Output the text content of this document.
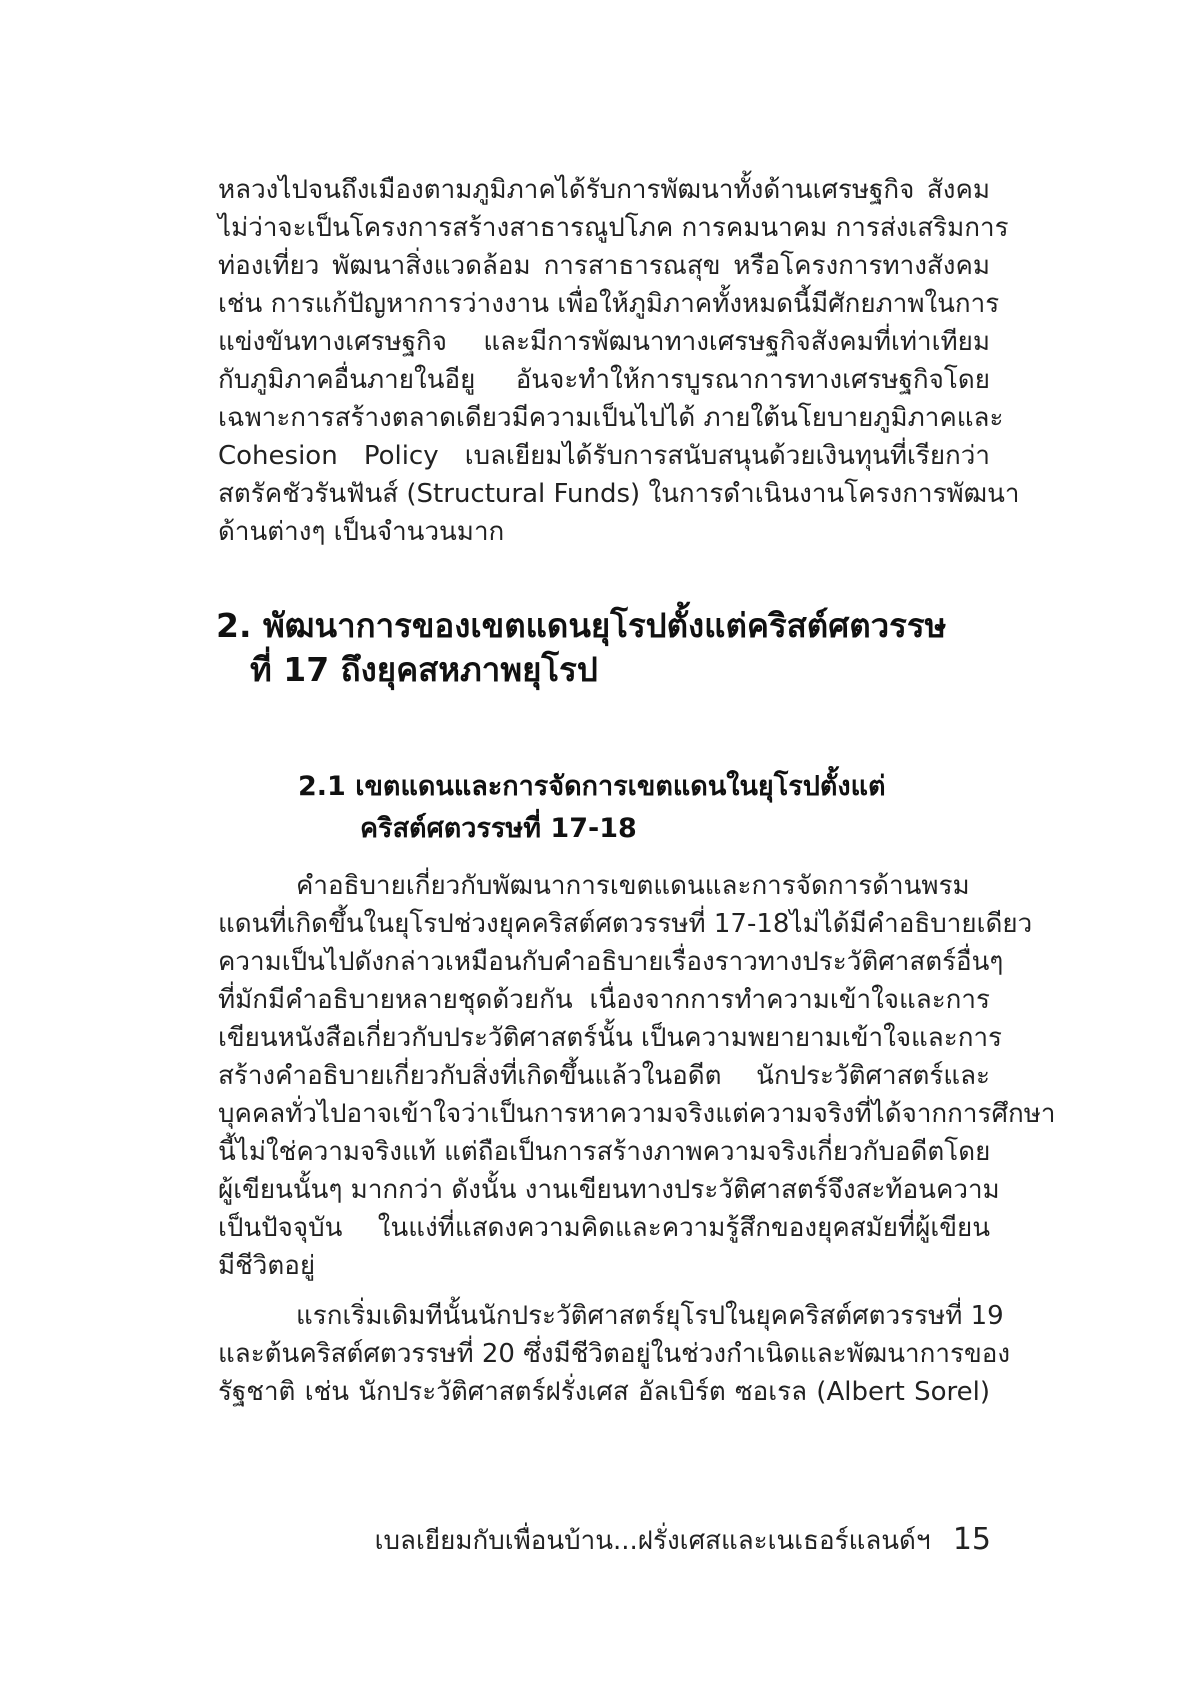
หลวงไปจนถึงเมืองตามภูมิภาคได้รับการพัฒนาทั้งด้านเศรษฐกิจ สังคม
ไม่ว่าจะเป็นโครงการสร้างสาธารณูปโภค การคมนาคม การส่งเสริมการ
ท่องเที่ยว พัฒนาสิ่งแวดล้อม การสาธารณสุข หรือโครงการทางสังคม
เช่น การแก้ปัญหาการว่างงาน เพื่อให้ภูมิภาคทั้งหมดนี้มีศักยภาพในการ
แข่งขันทางเศรษฐกิจ และมีการพัฒนาทางเศรษฐกิจสังคมที่เท่าเทียม
กับภูมิภาคอื่นภายในอียู อันจะทำให้การบูรณาการทางเศรษฐกิจโดย
เฉพาะการสร้างตลาดเดียวมีความเป็นไปได้ ภายใต้นโยบายภูมิภาคและ
Cohesion Policy เบลเยียมได้รับการสนับสนุนด้วยเงินทุนที่เรียกว่า
สตรัคชัวรันฟันส์ (Structural Funds) ในการดำเนินงานโครงการพัฒนา
ด้านต่างๆ เป็นจำนวนมาก
2. พัฒนาการของเขตแดนยุโรปตั้งแต่คริสต์ศตวรรษ
ที่ 17 ถึงยุคสหภาพยุโรป
2.1 เขตแดนและการจัดการเขตแดนในยุโรปตั้งแต่
คริสต์ศตวรรษที่ 17-18
คำอธิบายเกี่ยวกับพัฒนาการเขตแดนและการจัดการด้านพรม
แดนที่เกิดขึ้นในยุโรปช่วงยุคคริสต์ศตวรรษที่ 17-18ไม่ได้มีคำอธิบายเดียว
ความเป็นไปดังกล่าวเหมือนกับคำอธิบายเรื่องราวทางประวัติศาสตร์อื่นๆ
ที่มักมีคำอธิบายหลายชุดด้วยกัน เนื่องจากการทำความเข้าใจและการ
เขียนหนังสือเกี่ยวกับประวัติศาสตร์นั้น เป็นความพยายามเข้าใจและการ
สร้างคำอธิบายเกี่ยวกับสิ่งที่เกิดขึ้นแล้วในอดีต นักประวัติศาสตร์และ
บุคคลทั่วไปอาจเข้าใจว่าเป็นการหาความจริงแต่ความจริงที่ได้จากการศึกษา
นี้ไม่ใช่ความจริงแท้ แต่ถือเป็นการสร้างภาพความจริงเกี่ยวกับอดีตโดย
ผู้เขียนนั้นๆ มากกว่า ดังนั้น งานเขียนทางประวัติศาสตร์จึงสะท้อนความ
เป็นปัจจุบัน ในแง่ที่แสดงความคิดและความรู้สึกของยุคสมัยที่ผู้เขียน
มีชีวิตอยู่
แรกเริ่มเดิมทีนั้นนักประวัติศาสตร์ยุโรปในยุคคริสต์ศตวรรษที่ 19
และต้นคริสต์ศตวรรษที่ 20 ซึ่งมีชีวิตอยู่ในช่วงกำเนิดและพัฒนาการของ
รัฐชาติ เช่น นักประวัติศาสตร์ฝรั่งเศส อัลเบิร์ต ซอเรล (Albert Sorel)
เบลเยียมกับเพื่อนบ้าน...ฝรั่งเศสและเนเธอร์แลนด์ฯ 15
